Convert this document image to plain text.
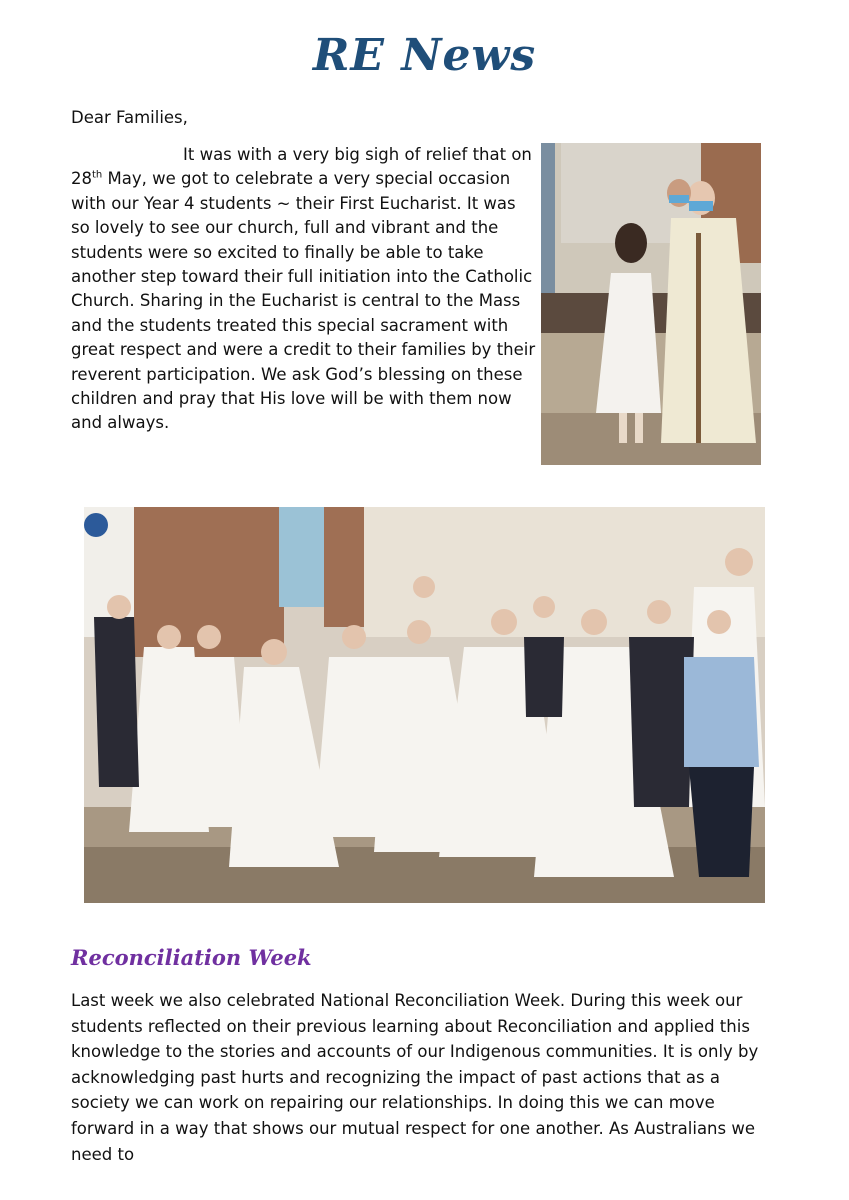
RE News
Dear Families,

It was with a very big sigh of relief that on 28th May, we got to celebrate a very special occasion with our Year 4 students ~ their First Eucharist. It was so lovely to see our church, full and vibrant and the students were so excited to finally be able to take another step toward their full initiation into the Catholic Church. Sharing in the Eucharist is central to the Mass and the students treated this special sacrament with great respect and were a credit to their families by their reverent participation. We ask God’s blessing on these children and pray that His love will be with them now and always.

Reconciliation Week

Last week we also celebrated National Reconciliation Week. During this week our students reflected on their previous learning about Reconciliation and applied this knowledge to the stories and accounts of our Indigenous communities. It is only by acknowledging past hurts and recognizing the impact of past actions that as a society we can work on repairing our relationships. In doing this we can move forward in a way that shows our mutual respect for one another. As Australians we need to
